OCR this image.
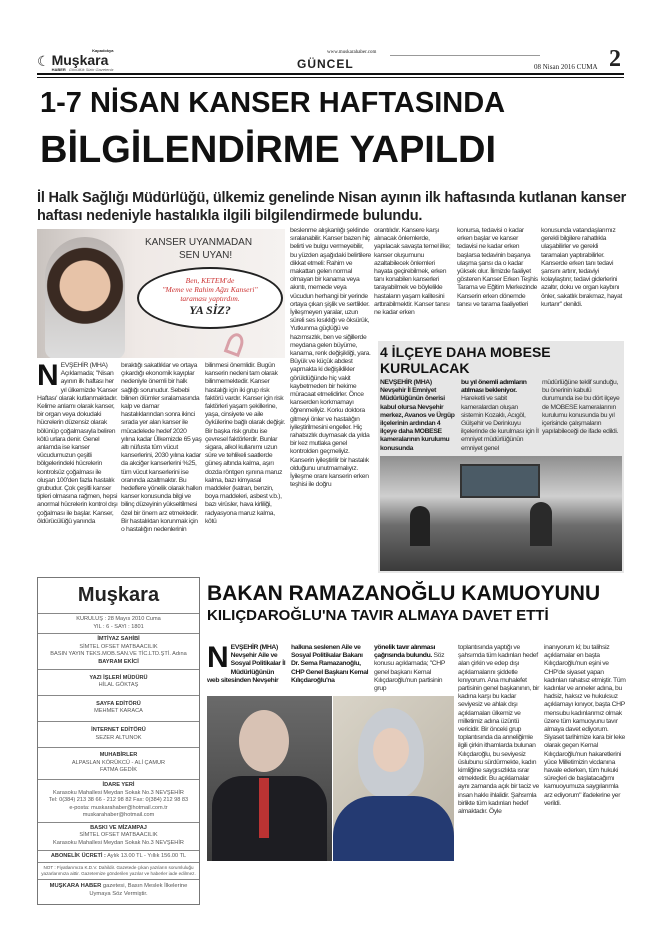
☾
Kapadokya
Muşkara
HABER Gönüllük Sizin Gazeteniz
www.muskarahaber.com
GÜNCEL	08 Nisan 2016 CUMA 2
1-7 NİSAN KANSER HAFTASINDA
BİLGİLENDİRME YAPILDI
İl Halk Sağlığı Müdürlüğü, ülkemiz genelinde Nisan ayının ilk haftasında kutlanan kanser haftası nedeniyle hastalıkla ilgili bilgilendirmede bulundu.
KANSER UYANMADAN
SEN UYAN!
Ben, KETEM'de
"Meme ve Rahim Ağzı Kanseri"
taraması yaptırdım.
YA SİZ?
NEVŞEHİR (MHA) Açıklamada; "Nisan ayının ilk haftası her yıl ülkemizde 'Kanser Haftası' olarak kutlanmaktadır. Kelime anlamı olarak kanser, bir organ veya dokudaki hücrelerin düzensiz olarak bölünüp çoğalmasıyla beliren kötü urlara denir. Genel anlamda ise kanser vücudumuzun çeşitli bölgelerindeki hücrelerin kontrolsüz çoğalması ile oluşan 100'den fazla hastalık grubudur. Çok çeşitli kanser tipleri olmasına rağmen, hepsi anormal hücrelerin kontrol dışı çoğalması ile başlar. Kanser, öldürücülüğü yanında
bıraktığı sakatlıklar ve ortaya çıkardığı ekonomik kayıplar nedeniyle önemli bir halk sağlığı sorunudur. Sebebi bilinen ölümler sıralamasında kalp ve damar hastalıklarından sonra ikinci sırada yer alan kanser ile mücadelede hedef 2020 yılına kadar Ülkemizde 65 yaş altı nüfusta tüm vücut kanserlerini, 2030 yılına kadar da akciğer kanserlerini %25, tüm vücut kanserlerini ise oranında azaltmaktır. Bu hedeflere yönelik olarak halkın kanser konusunda bilgi ve bilinç düzeyinin yükseltilmesi özel bir önem arz etmektedir. Bir hastalıktan korunmak için o hastalığın nedenlerinin
bilinmesi önemlidir. Bugün kanserin nedeni tam olarak bilinmemektedir. Kanser hastalığı için iki grup risk faktörü vardır. Kanser için risk faktörleri yaşam şekillerine, yaşa, cinsiyete ve aile öykülerine bağlı olarak değişir. Bir başka risk grubu ise çevresel faktörlerdir. Bunlar sigara, alkol kullanımı uzun süre ve tehlikeli saatlerde güneş altında kalma, aşırı dozda röntgen ışınına maruz kalma, bazı kimyasal maddeler (katran, benzin, boya maddeleri, asbest v.b.), bazı virüsler, hava kirliliği, radyasyona maruz kalma, kötü
beslenme alışkanlığı şeklinde sıralanabilir. Kanser bazen hiç belirti ve bulgu vermeyebilir, bu yüzden aşağıdaki belirtilere dikkat etmeli: Rahim ve makattan gelen normal olmayan bir kanama veya akıntı, memede veya vücudun herhangi bir yerinde ortaya çıkan şişlik ve sertlikler. İyileşmeyen yaralar, uzun süreli ses kısıklığı ve öksürük, Yutkunma güçlüğü ve hazımsızlık, ben ve siğillerde meydana gelen büyüme, kanama, renk değişikliği, yara. Büyük ve küçük abdest yapmakta ki değişiklikler görüldüğünde hiç vakit kaybetmeden bir hekime müracaat etmelidirler. Önce kanserden korkmamayı öğrenmeliyiz. Korku doktora gitmeyi önler ve hastalığın iyileştirilmesini engeller. Hiç rahatsızlık duymasak da yılda bir kez mutlaka genel kontrolden geçmeliyiz. Kanserin iyileştirilir bir hastalık olduğunu unutmamalıyız. İyileşme oranı kanserin erken teşhisi ile doğru
orantılıdır. Kansere karşı alınacak önlemlerde, yapılacak savaşta temel ilke; kanser oluşumunu azaltabilecek önlemleri hayata geçirebilmek, erken tanı konabilen kanserleri tarayabilmek ve böylelikle hastaların yaşam kalitesini arttırabilmektir. Kanser tanısı ne kadar erken
konursa, tedavisi o kadar erken başlar ve kanser tedavisi ne kadar erken başlarsa tedavinin başarıya ulaşma şansı da o kadar yüksek olur. İlimizde faaliyet gösteren Kanser Erken Teşhis Tarama ve Eğitim Merkezinde Kanserin erken dönemde tanısı ve tarama faaliyetleri
konusunda vatandaşlarımız gerekli bilgilere rahatlıkla ulaşabilirler ve gerekli taramaları yaptırabilirler. Kanserde erken tanı tedavi şansını artırır, tedaviyi kolaylaştırır, tedavi giderlerini azaltır, doku ve organ kaybını önler, sakatlık bırakmaz, hayat kurtarır" denildi.
4 İLÇEYE DAHA MOBESE KURULACAK
NEVŞEHİR (MHA) Nevşehir İl Emniyet Müdürlüğünün önerisi kabul olursa Nevşehir merkez, Avanos ve Ürgüp ilçelerinin ardından 4 ilçeye daha MOBESE kameralarının kurulumu konusunda
bu yıl önemli adımların atılması bekleniyor. Hareketli ve sabit kameralardan oluşan sistemin Kozaklı, Acıgöl, Gülşehir ve Derinkuyu ilçelerinde de kurulması için İl emniyet müdürlüğünün emniyet genel
müdürlüğüne teklif sunduğu, bu önerinin kabulü durumunda ise bu dört ilçeye de MOBESE kameralarının kurulumu konusunda bu yıl içerisinde çalışmaların yapılabileceği de ifade edildi.
Muşkara
KURULUŞ : 28 Mayıs 2010 Cuma
YIL : 6 - SAYI : 1801
İMTİYAZ SAHİBİ
SİMTEL OFSET MATBAACILIK
BASIN YAYIN TEKS.MOB.SAN.VE TİC.LTD.ŞTİ. Adına
BAYRAM EKİCİ
YAZI İŞLERİ MÜDÜRÜ
HİLAL GÖKTAŞ
SAYFA EDİTÖRÜ
MEHMET KARACA
İNTERNET EDİTÖRÜ
SEZER ALTUNOK
MUHABİRLER
ALPASLAN KÖRÜKCÜ - ALİ ÇAMUR
FATMA GEDİK
İDARE YERİ
Karasoku Mahallesi Meydan Sokak No.3 NEVŞEHİR
Tel: 0(384) 213 38 66 - 212 98 82 Fax: 0(384) 212 98 83
e-posta: muskarahaber@hotmail.com.tr
muskarahaber@hotmail.com
BASKI VE MİZAMPAJ
SİMTEL OFSET MATBAACILIK
Karasoku Mahallesi Meydan Sokak No.3 NEVŞEHİR
ABONELİK ÜCRETİ : Aylık 13.00 TL - Yıllık 156.00 TL
NOT : Fiyatlarımıza K.D.V. Dahildir. Gazetede çıkan yazıların sorumluluğu yazarlarımıza aittir. Gazetemize gönderilen yazılar ve haberler iade edilmez.
MUŞKARA HABER gazetesi, Basın Meslek İlkelerine Uymaya Söz Vermiştir.
BAKAN RAMAZANOĞLU KAMUOYUNU
KILIÇDAROĞLU'NA TAVIR ALMAYA DAVET ETTİ
NEVŞEHİR (MHA) Nevşehir Aile ve Sosyal Politikalar İl Müdürlüğünün web sitesinden Nevşehir
halkına seslenen Aile ve Sosyal Politikalar Bakanı Dr. Sema Ramazanoğlu, CHP Genel Başkanı Kemal Kılıçdaroğlu'na
yönelik tavır alınması çağrısında bulundu. Söz konusu açıklamada; "CHP genel başkanı Kemal Kılıçdaroğlu'nun partisinin grup
toplantısında yaptığı ve şahsımda tüm kadınları hedef alan çirkin ve edep dışı açıklamalarını şiddetle kınıyorum. Ana muhalefet partisinin genel başkanının, bir kadına karşı bu kadar seviyesiz ve ahlak dışı açıklamaları ülkemiz ve milletimiz adına üzüntü vericidir. Bir önceki grup toplantısında da anneliğimle ilgili çirkin ithamlarda bulunan Kılıçdaroğlu, bu seviyesiz üslubunu sürdürmekte, kadın kimliğine saygısızlıkta ısrar etmektedir. Bu açıklamalar aynı zamanda açık bir taciz ve insan hakkı ihlalidir. Şahsımla birlikte tüm kadınları hedef almaktadır. Öyle
inanıyorum ki; bu talihsiz açıklamalar en başta Kılıçdaroğlu'nun eşini ve CHP'de siyaset yapan kadınları rahatsız etmiştir. Tüm kadınlar ve anneler adına, bu hadsiz, haksız ve hukuksuz açıklamayı kınıyor, başta CHP mensubu kadınlarımız olmak üzere tüm kamuoyunu tavır almaya davet ediyorum. Siyaset tarihimize kara bir leke olarak geçen Kemal Kılıçdaroğlu'nun hakaretlerini yüce Milletimizin vicdanına havale ederken, tüm hukuki süreçleri de başlatacağımı kamuoyumuza saygılarımla arz ediyorum" ifadelerine yer verildi.
